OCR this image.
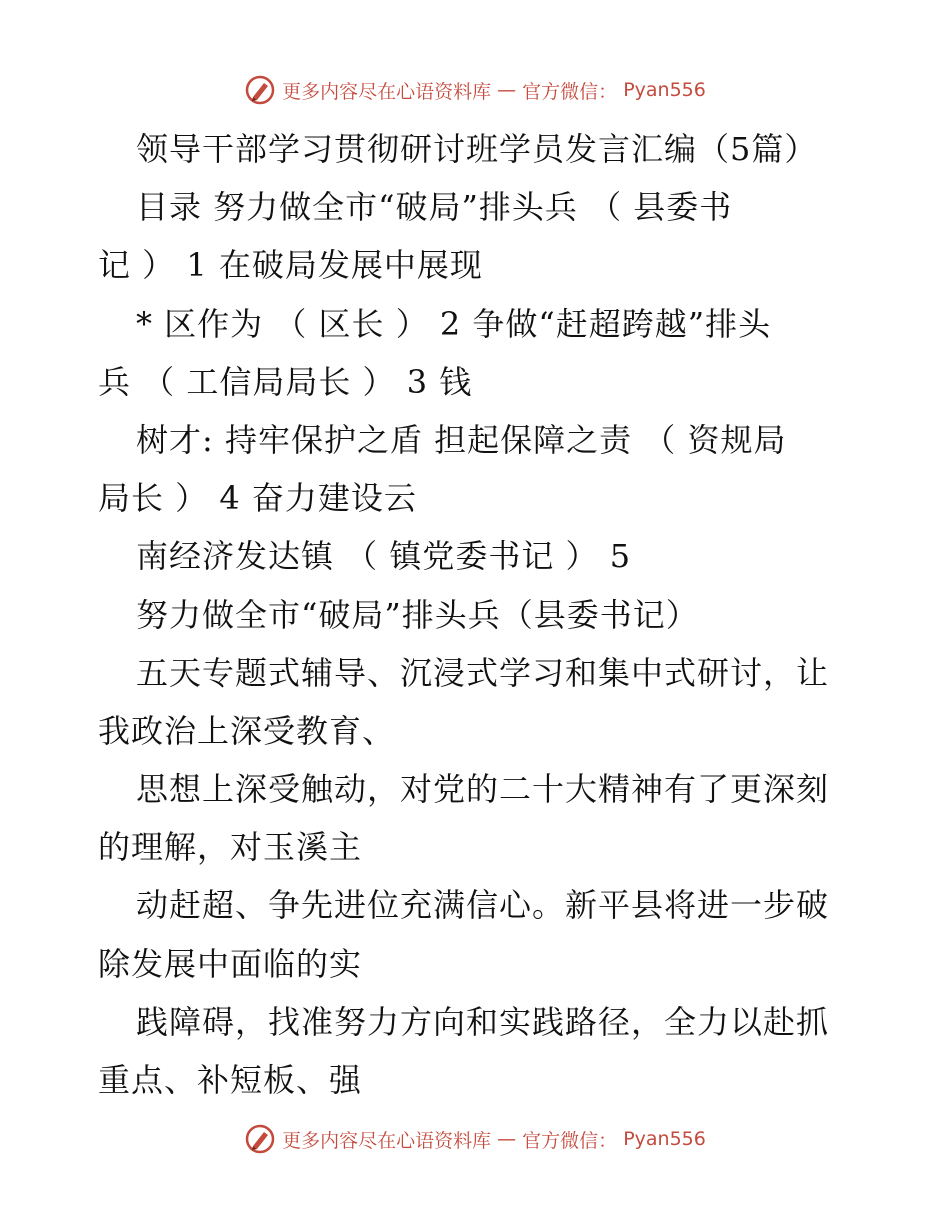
更多内容尽在心语资料库 — 官方微信： Pyan556
领导干部学习贯彻研讨班学员发言汇编（5篇）
目录 努力做全市“破局”排头兵 （ 县委书
记 ） 1 在破局发展中展现
* 区作为 （ 区长 ） 2 争做“赶超跨越”排头
兵 （ 工信局局长 ） 3 钱
树才: 持牢保护之盾 担起保障之责 （ 资规局
局长 ） 4 奋力建设云
南经济发达镇 （ 镇党委书记 ） 5
努力做全市“破局”排头兵（县委书记）
五天专题式辅导、沉浸式学习和集中式研讨，让
我政治上深受教育、
思想上深受触动，对党的二十大精神有了更深刻
的理解，对玉溪主
动赶超、争先进位充满信心。新平县将进一步破
除发展中面临的实
践障碍，找准努力方向和实践路径，全力以赴抓
重点、补短板、强
更多内容尽在心语资料库 — 官方微信： Pyan556
